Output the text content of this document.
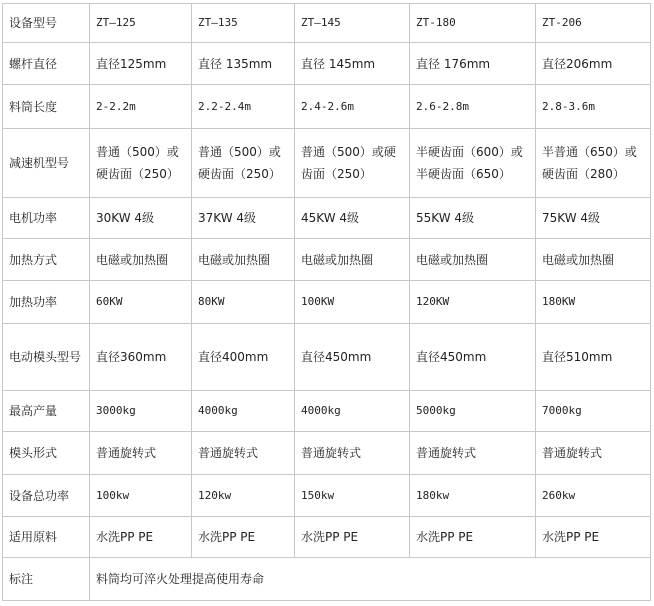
设备型号	ZT—125	ZT—135	ZT—145	ZT-180	ZT-206
螺杆直径	直径125mm	直径 135mm	直径 145mm	直径 176mm	直径206mm
料筒长度	2-2.2m	2.2-2.4m	2.4-2.6m	2.6-2.8m	2.8-3.6m
减速机型号	普通（500）或硬齿面（250）	普通（500）或硬齿面（250）	普通（500）或硬齿面（250）	半硬齿面（600）或半硬齿面（650）	半普通（650）或硬齿面（280）
电机功率	30KW 4级	37KW 4级	45KW 4级	55KW 4级	75KW 4级
加热方式	电磁或加热圈	电磁或加热圈	电磁或加热圈	电磁或加热圈	电磁或加热圈
加热功率	60KW	80KW	100KW	120KW	180KW
电动模头型号	直径360mm	直径400mm	直径450mm	直径450mm	直径510mm
最高产量	3000kg	4000kg	4000kg	5000kg	7000kg
模头形式	普通旋转式	普通旋转式	普通旋转式	普通旋转式	普通旋转式
设备总功率	100kw	120kw	150kw	180kw	260kw
适用原料	水洗PP PE	水洗PP PE	水洗PP PE	水洗PP PE	水洗PP PE
标注	料筒均可淬火处理提高使用寿命				
